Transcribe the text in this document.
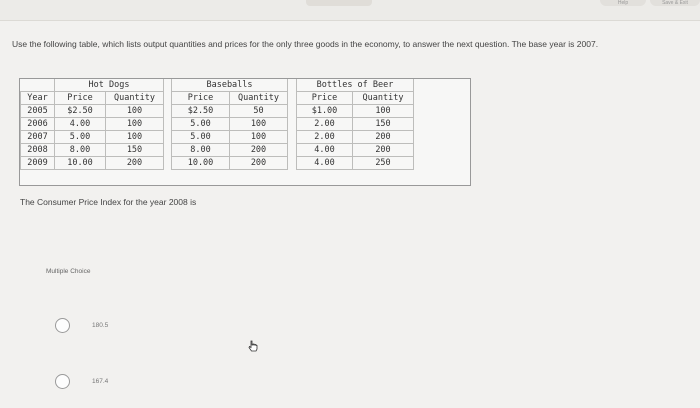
Help	Save & Exit
Use the following table, which lists output quantities and prices for the only three goods in the economy, to answer the next question. The base year is 2007.
	Hot Dogs			Baseballs			Bottles of Beer	
Year	Price	Quantity		Price	Quantity		Price	Quantity
2005	$2.50	100		$2.50	50		$1.00	100
2006	4.00	100		5.00	100		2.00	150
2007	5.00	100		5.00	100		2.00	200
2008	8.00	150		8.00	200		4.00	200
2009	10.00	200		10.00	200		4.00	250
The Consumer Price Index for the year 2008 is
Multiple Choice
180.5
167.4
